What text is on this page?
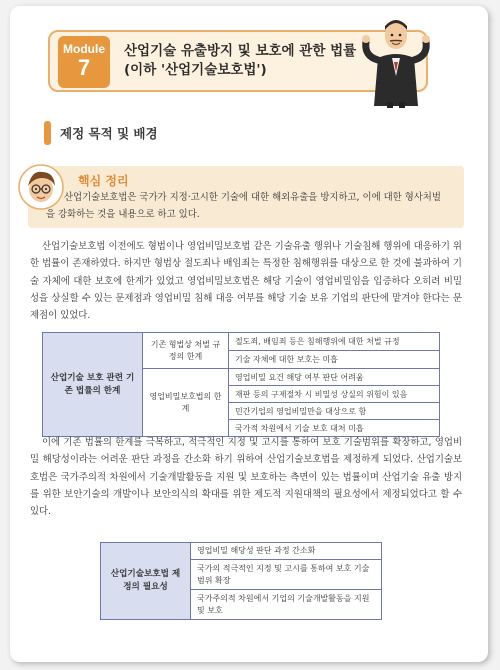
Module
7
산업기술 유출방지 및 보호에 관한 법률(이하 '산업기술보호법')
제정 목적 및 배경
핵심 정리
산업기술보호법은 국가가 지정·고시한 기술에 대한 해외유출을 방지하고, 이에 대한 형사처벌을 강화하는 것을 내용으로 하고 있다.
산업기술보호법 이전에도 형법이나 영업비밀보호법 같은 기술유출 행위나 기술침해 행위에 대응하기 위한 법률이 존재하였다. 하지만 형법상 절도죄나 배임죄는 특정한 침해행위를 대상으로 한 것에 불과하여 기술 자체에 대한 보호에 한계가 있었고 영업비밀보호법은 해당 기술이 영업비밀임을 입증하다 오히려 비밀성을 상실할 수 있는 문제점과 영업비밀 침해 대응 여부를 해당 기술 보유 기업의 판단에 맡겨야 한다는 문제점이 있었다.
산업기술 보호 관련 기존 법률의 한계	기존 형법상 처벌 규정의 한계	절도죄, 배임죄 등은 침해행위에 대한 처벌 규정
		기술 자체에 대한 보호는 미흡
	영업비밀보호법의 한계	영업비밀 요건 해당 여부 판단 어려움
		재판 등의 구제절차 시 비밀성 상실의 위험이 있음
		민간기업의 영업비밀만을 대상으로 함
		국가적 차원에서 기술 보호 대처 미흡
이에 기존 법률의 한계를 극복하고, 적극적인 지정 및 고시를 통하여 보호 기술범위를 확장하고, 영업비밀 해당성이라는 어려운 판단 과정을 간소화 하기 위하여 산업기술보호법을 제정하게 되었다. 산업기술보호법은 국가주의적 차원에서 기술개발활동을 지원 및 보호하는 측면이 있는 법률이며 산업기술 유출 방지를 위한 보안기술의 개발이나 보안의식의 확대를 위한 제도적 지원대책의 필요성에서 제정되었다고 할 수 있다.
산업기술보호법 제정의 필요성	영업비밀 해당성 판단 과정 간소화
국가의 적극적인 지정 및 고시를 통하여 보호 기술 범위 확장
국가주의적 차원에서 기업의 기술개발활동을 지원 및 보호
